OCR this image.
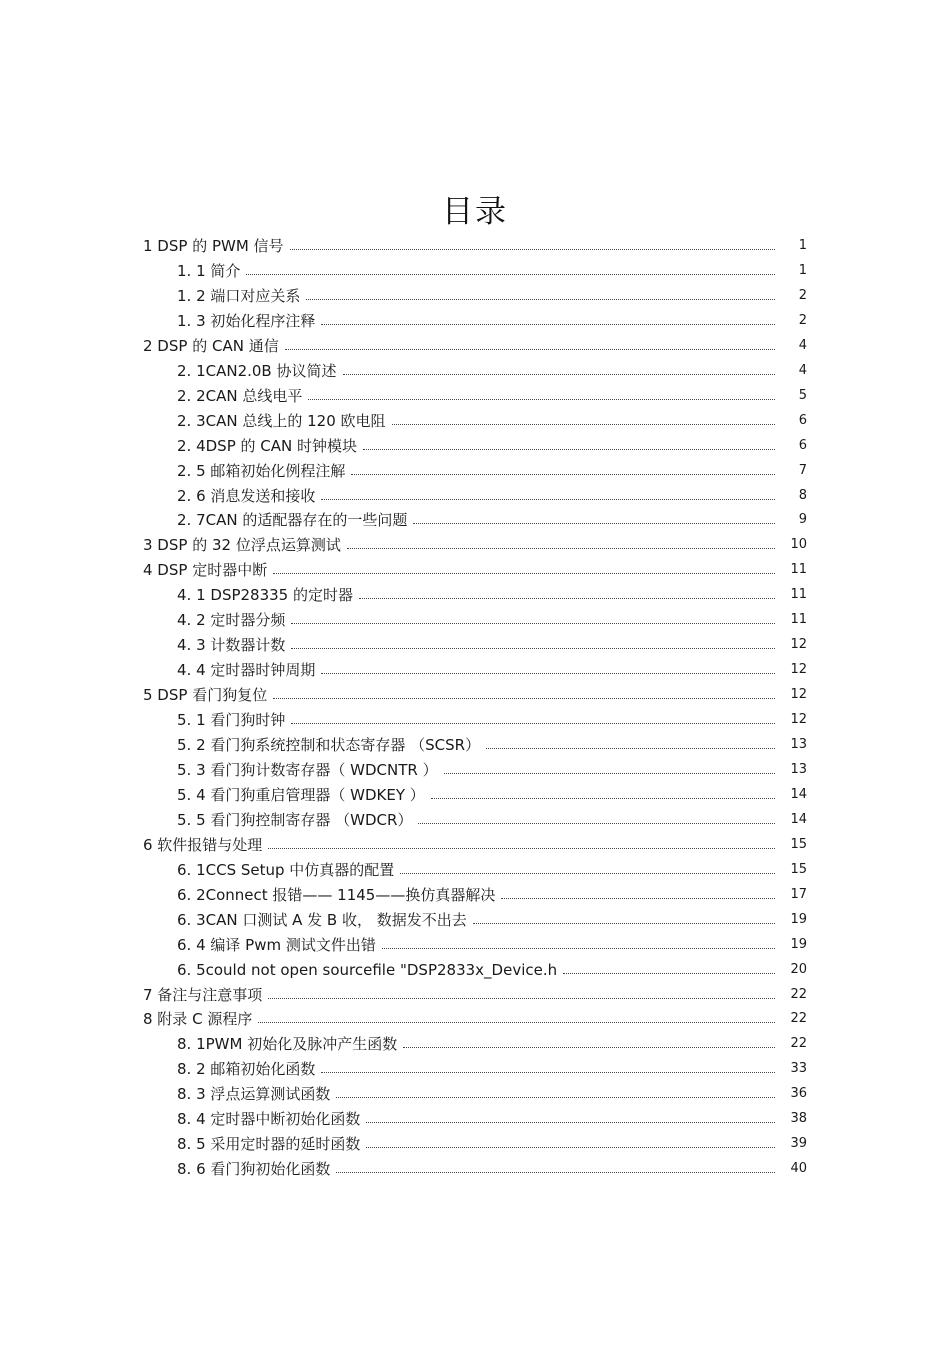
目录
1 DSP 的 PWM 信号	1
1. 1 简介	1
1. 2 端口对应关系	2
1. 3 初始化程序注释	2
2 DSP 的 CAN 通信	4
2. 1CAN2.0B 协议简述	4
2. 2CAN 总线电平	5
2. 3CAN 总线上的 120 欧电阻	6
2. 4DSP 的 CAN 时钟模块	6
2. 5 邮箱初始化例程注解	7
2. 6 消息发送和接收	8
2. 7CAN 的适配器存在的一些问题	9
3 DSP 的 32 位浮点运算测试	10
4 DSP 定时器中断	11
4. 1 DSP28335 的定时器	11
4. 2 定时器分频	11
4. 3 计数器计数	12
4. 4 定时器时钟周期	12
5 DSP 看门狗复位	12
5. 1 看门狗时钟	12
5. 2 看门狗系统控制和状态寄存器 （SCSR）	13
5. 3 看门狗计数寄存器（ WDCNTR ）	13
5. 4 看门狗重启管理器（ WDKEY ）	14
5. 5 看门狗控制寄存器 （WDCR）	14
6 软件报错与处理	15
6. 1CCS Setup 中仿真器的配置	15
6. 2Connect 报错—— 1145——换仿真器解决	17
6. 3CAN 口测试 A 发 B 收， 数据发不出去	19
6. 4 编译 Pwm 测试文件出错	19
6. 5could not open sourcefile "DSP2833x_Device.h	20
7 备注与注意事项	22
8 附录 C 源程序	22
8. 1PWM 初始化及脉冲产生函数	22
8. 2 邮箱初始化函数	33
8. 3 浮点运算测试函数	36
8. 4 定时器中断初始化函数	38
8. 5 采用定时器的延时函数	39
8. 6 看门狗初始化函数	40
